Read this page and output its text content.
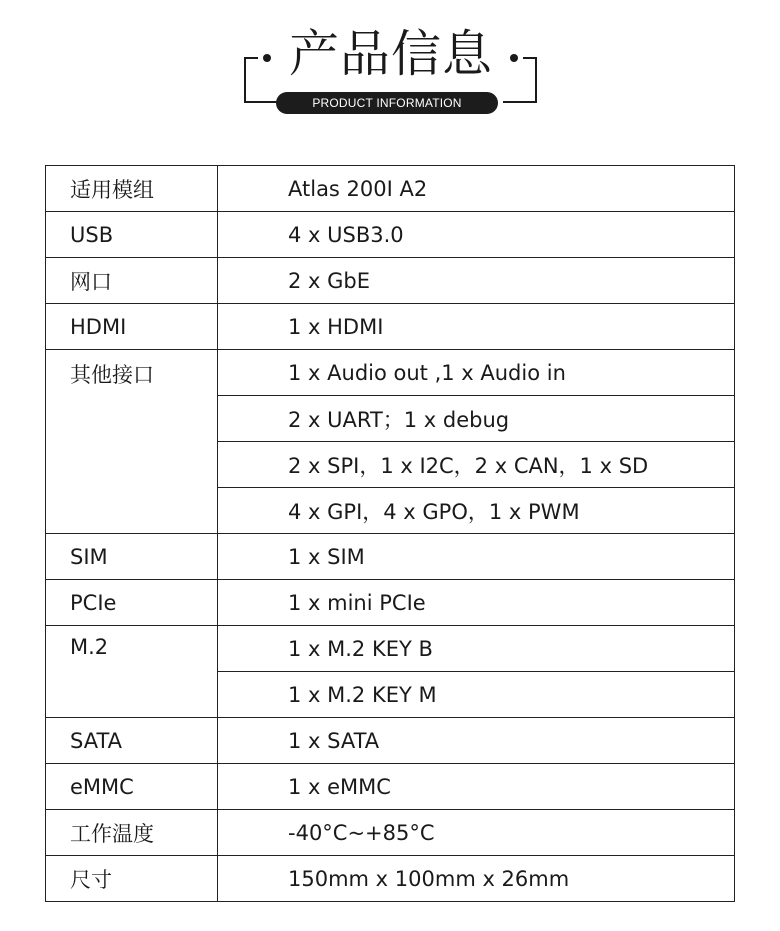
产品信息
PRODUCT INFORMATION
适用模组	Atlas 200I A2
USB	4 x USB3.0
网口	2 x GbE
HDMI	1 x HDMI
其他接口	1 x Audio out ,1 x Audio in
	2 x UART；1 x debug
	2 x SPI，1 x I2C，2 x CAN，1 x SD
	4 x GPI，4 x GPO，1 x PWM
SIM	1 x SIM
PCIe	1 x mini PCIe
M.2	1 x M.2 KEY B
	1 x M.2 KEY M
SATA	1 x SATA
eMMC	1 x eMMC
工作温度	-40°C~+85°C
尺寸	150mm x 100mm x 26mm
